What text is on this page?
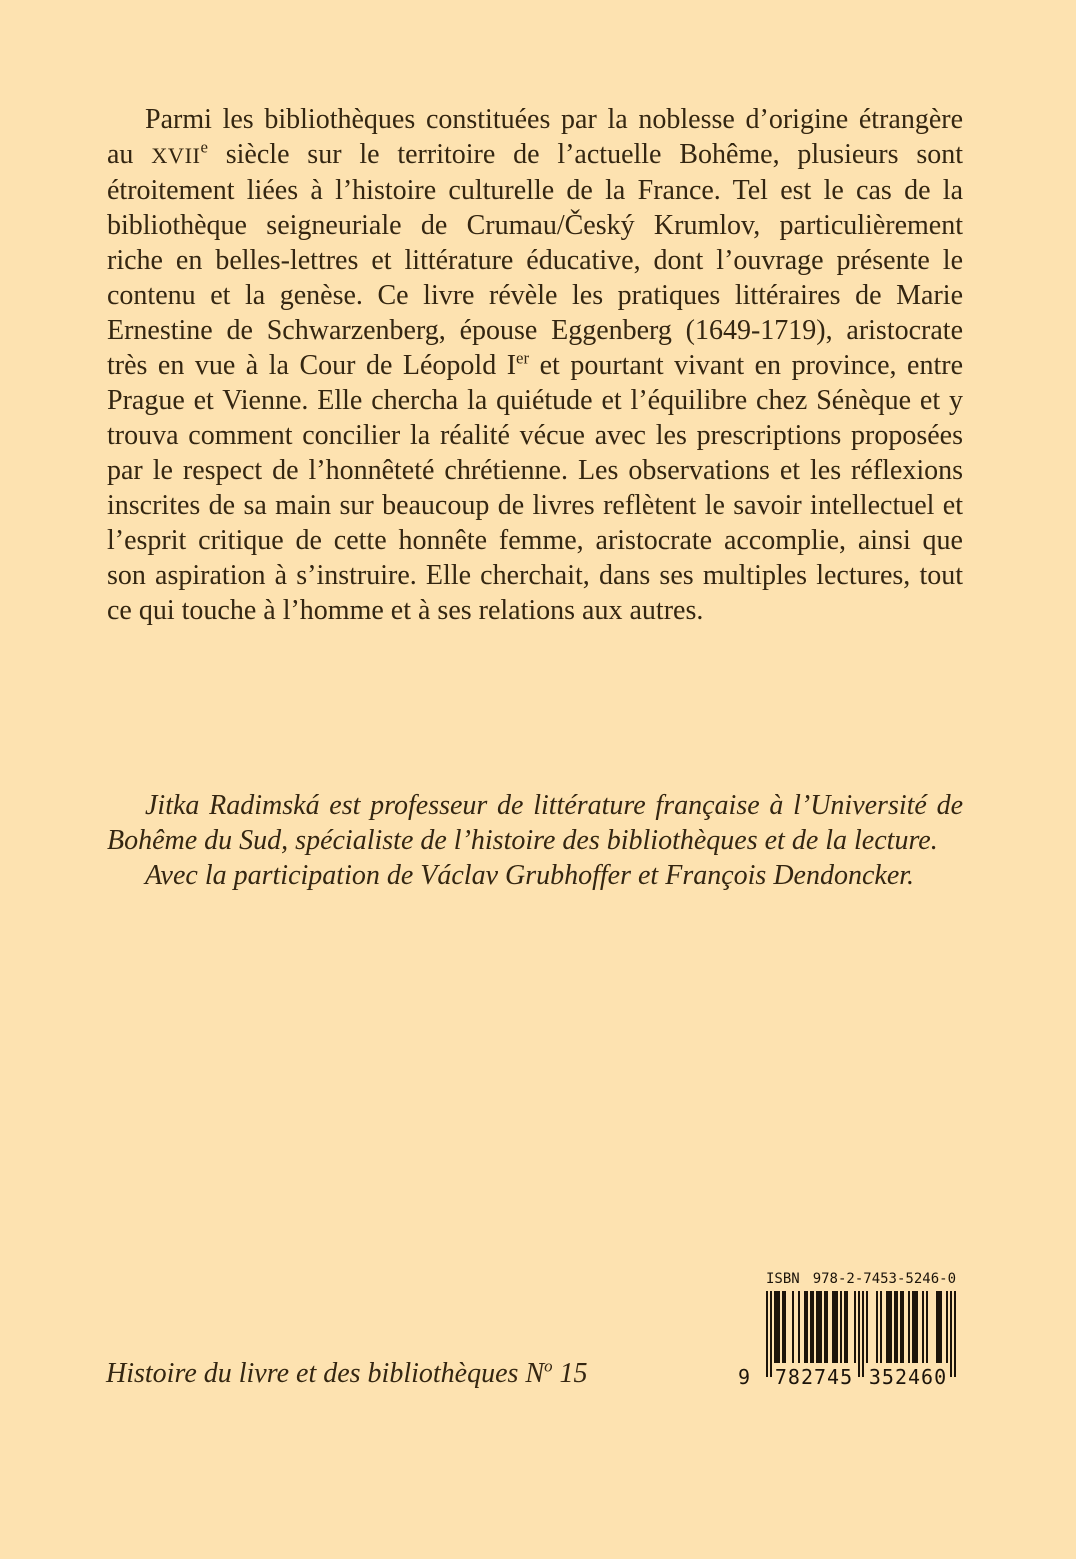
Parmi les bibliothèques constituées par la noblesse d’origine étrangère au XVIIe siècle sur le territoire de l’actuelle Bohême, plusieurs sont étroitement liées à l’histoire culturelle de la France. Tel est le cas de la bibliothèque seigneuriale de Crumau/Český Krumlov, particulièrement riche en belles-lettres et littérature éducative, dont l’ouvrage présente le contenu et la genèse. Ce livre révèle les pratiques littéraires de Marie Ernestine de Schwarzenberg, épouse Eggenberg (1649-1719), aristocrate très en vue à la Cour de Léopold Ier et pourtant vivant en province, entre Prague et Vienne. Elle chercha la quiétude et l’équilibre chez Sénèque et y trouva comment concilier la réalité vécue avec les prescriptions proposées par le respect de l’honnêteté chrétienne. Les observations et les réflexions inscrites de sa main sur beaucoup de livres reflètent le savoir intellectuel et l’esprit critique de cette honnête femme, aristocrate accomplie, ainsi que son aspiration à s’instruire. Elle cherchait, dans ses multiples lectures, tout ce qui touche à l’homme et à ses relations aux autres.

Jitka Radimská est professeur de littérature française à l’Université de Bohême du Sud, spécialiste de l’histoire des bibliothèques et de la lecture.

Avec la participation de Václav Grubhoffer et François Dendoncker.

Histoire du livre et des bibliothèques $N^o$ 15
ISBN 978-2-7453-5246-0
9 782745 352460
